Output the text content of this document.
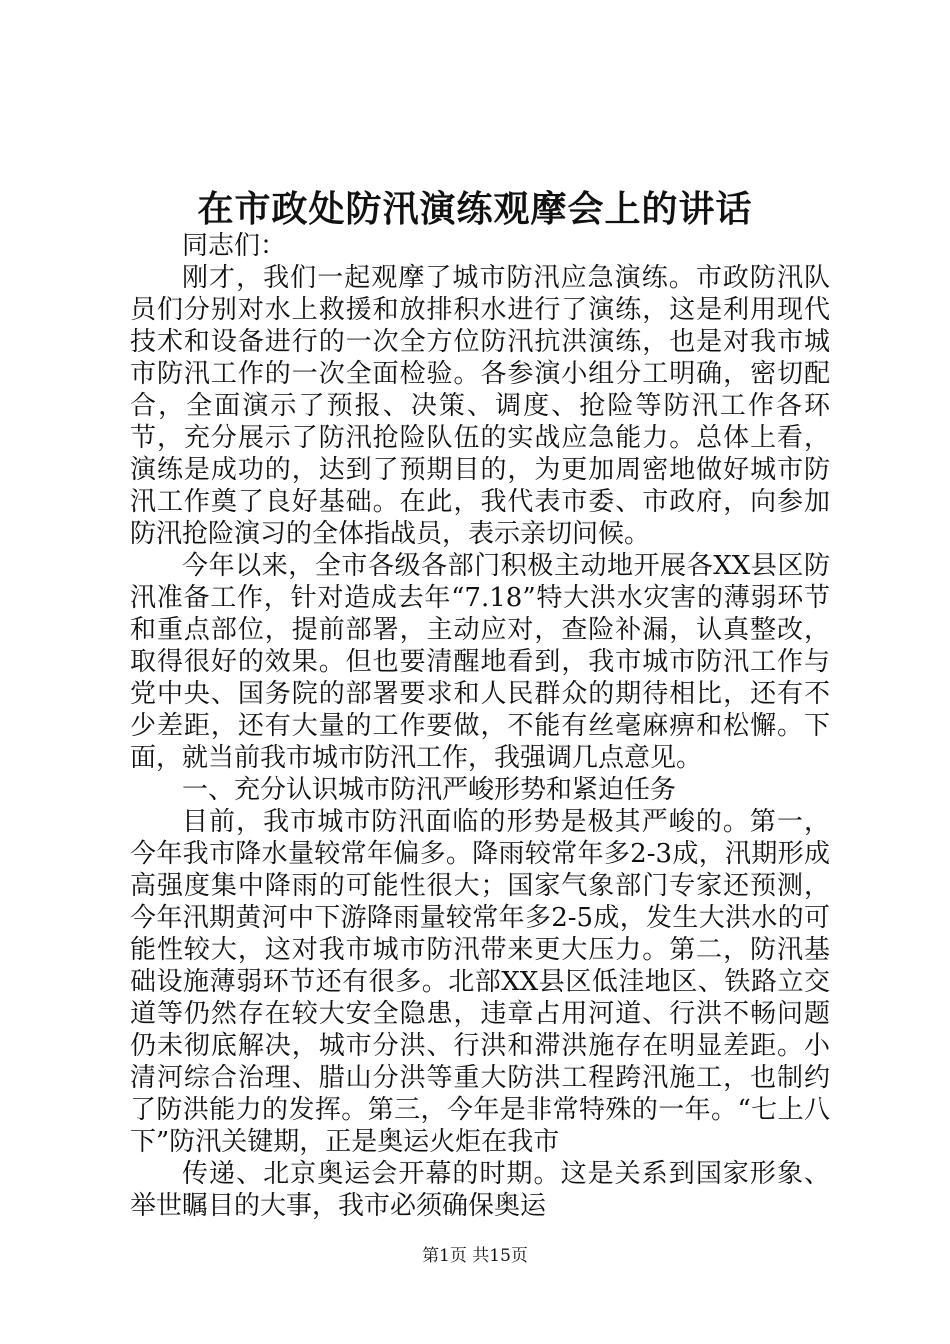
在市政处防汛演练观摩会上的讲话

同志们：

刚才，我们一起观摩了城市防汛应急演练。市政防汛队员们分别对水上救援和放排积水进行了演练，这是利用现代技术和设备进行的一次全方位防汛抗洪演练，也是对我市城市防汛工作的一次全面检验。各参演小组分工明确，密切配合，全面演示了预报、决策、调度、抢险等防汛工作各环节，充分展示了防汛抢险队伍的实战应急能力。总体上看，演练是成功的，达到了预期目的，为更加周密地做好城市防汛工作奠了良好基础。在此，我代表市委、市政府，向参加防汛抢险演习的全体指战员，表示亲切问候。

今年以来，全市各级各部门积极主动地开展各XX县区防汛准备工作，针对造成去年“7.18”特大洪水灾害的薄弱环节和重点部位，提前部署，主动应对，查险补漏，认真整改，取得很好的效果。但也要清醒地看到，我市城市防汛工作与党中央、国务院的部署要求和人民群众的期待相比，还有不少差距，还有大量的工作要做，不能有丝毫麻痹和松懈。下面，就当前我市城市防汛工作，我强调几点意见。

一、充分认识城市防汛严峻形势和紧迫任务

目前，我市城市防汛面临的形势是极其严峻的。第一，今年我市降水量较常年偏多。降雨较常年多2-3成，汛期形成高强度集中降雨的可能性很大；国家气象部门专家还预测，今年汛期黄河中下游降雨量较常年多2-5成，发生大洪水的可能性较大，这对我市城市防汛带来更大压力。第二，防汛基础设施薄弱环节还有很多。北部XX县区低洼地区、铁路立交道等仍然存在较大安全隐患，违章占用河道、行洪不畅问题仍未彻底解决，城市分洪、行洪和滞洪施存在明显差距。小清河综合治理、腊山分洪等重大防洪工程跨汛施工，也制约了防洪能力的发挥。第三，今年是非常特殊的一年。“七上八下”防汛关键期，正是奥运火炬在我市

传递、北京奥运会开幕的时期。这是关系到国家形象、举世瞩目的大事，我市必须确保奥运

第1页 共15页
